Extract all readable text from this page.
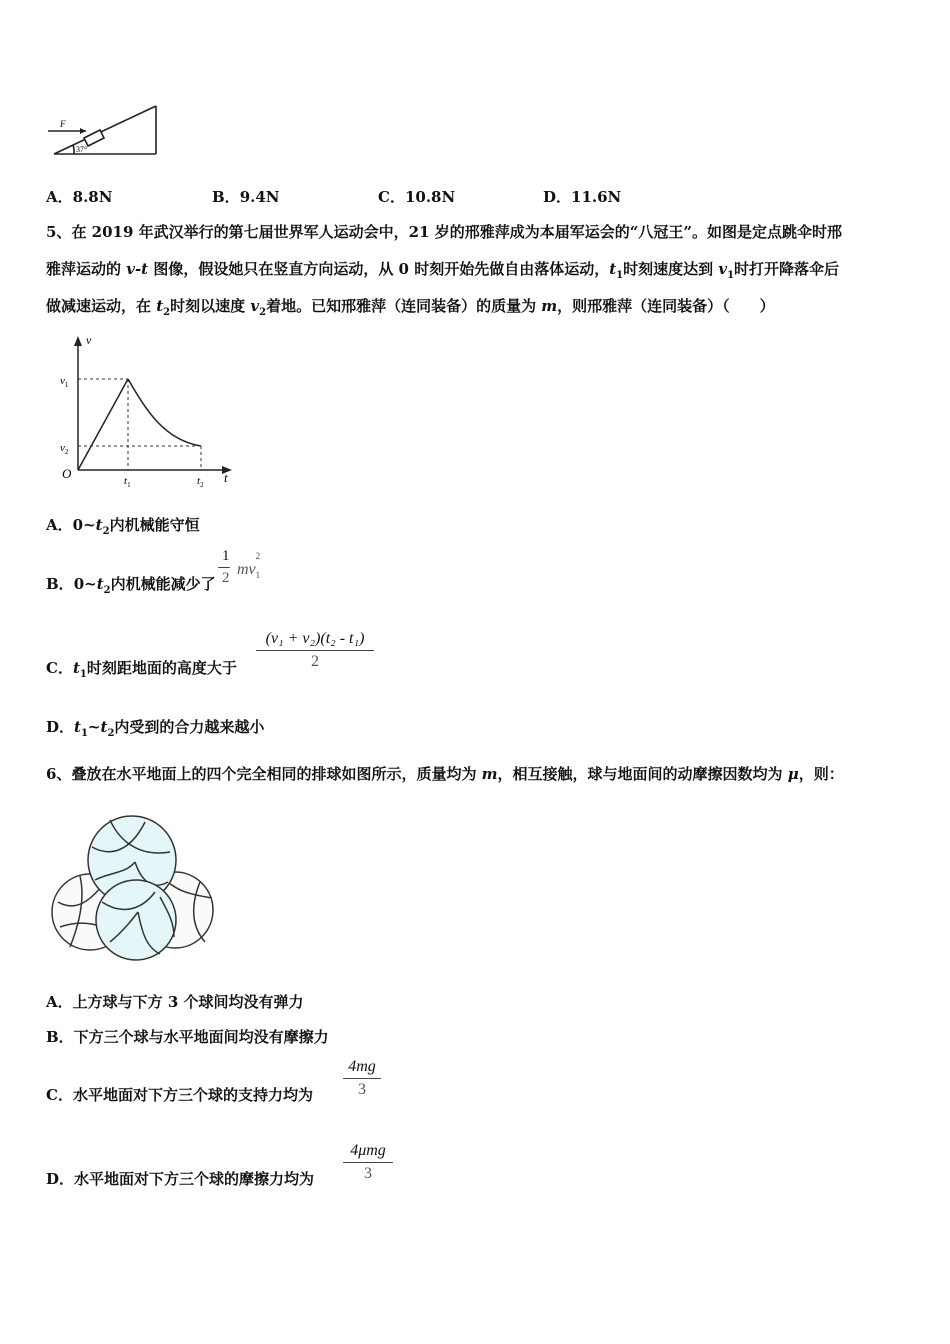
F
37°
A．8.8N	B．9.4N	C．10.8N	D．11.6N
5、在 2019 年武汉举行的第七届世界军人运动会中，21 岁的邢雅萍成为本届军运会的“八冠王”。如图是定点跳伞时邢
雅萍运动的 v-t 图像，假设她只在竖直方向运动，从 0 时刻开始先做自由落体运动，$t_1$时刻速度达到 $v_1$时打开降落伞后
做减速运动，在 $t_2$时刻以速度 $v_2$着地。已知邢雅萍（连同装备）的质量为 m，则邢雅萍（连同装备）（　　）
v
t
O
$v_1$
$v_2$
$t_1$	$t_2$
A．$0\sim t_2$内机械能守恒
B．$0\sim t_2$内机械能减少了
1
2 mv
2
$_1$
C．$t_1$时刻距地面的高度大于
(v₁ + v₂)(t₂ - t₁)
2
D．$t_1\sim t_2$内受到的合力越来越小
6、叠放在水平地面上的四个完全相同的排球如图所示，质量均为 m，相互接触，球与地面间的动摩擦因数均为 μ，则：
A．上方球与下方 3 个球间均没有弹力
B．下方三个球与水平地面间均没有摩擦力
C．水平地面对下方三个球的支持力均为
4mg
3
D．水平地面对下方三个球的摩擦力均为
4μmg
3
